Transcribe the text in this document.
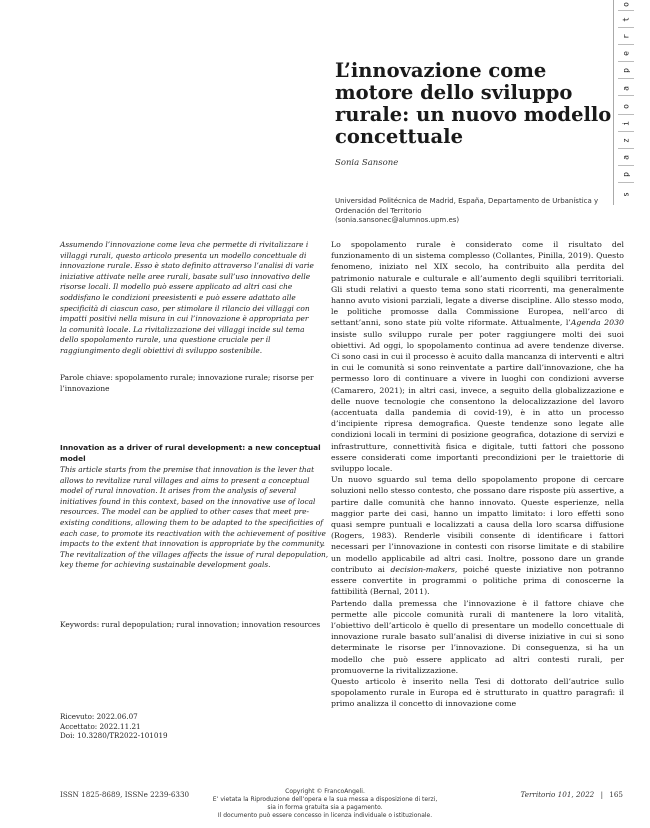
s
p
a
z
i
o
a
p
e
r
t
o
L’innovazione come motore dello sviluppo rurale: un nuovo modello concettuale
Sonia Sansone
Universidad Politécnica de Madrid, España, Departamento de Urbanística y Ordenación del Territorio
(sonia.sansonec@alumnos.upm.es)
Assumendo l’innovazione come leva che permette di rivitalizzare i villaggi rurali, questo articolo presenta un modello concettuale di innovazione rurale. Esso è stato definito attraverso l’analisi di varie iniziative attivate nelle aree rurali, basate sull’uso innovativo delle risorse locali. Il modello può essere applicato ad altri casi che soddisfano le condizioni preesistenti e può essere adattato alle specificità di ciascun caso, per stimolare il rilancio dei villaggi con impatti positivi nella misura in cui l’innovazione è appropriata per la comunità locale. La rivitalizzazione dei villaggi incide sul tema dello spopolamento rurale, una questione cruciale per il raggiungimento degli obiettivi di sviluppo sostenibile.
Parole chiave: spopolamento rurale; innovazione rurale; risorse per l’innovazione
Innovation as a driver of rural development: a new conceptual model
This article starts from the premise that innovation is the lever that allows to revitalize rural villages and aims to present a conceptual model of rural innovation. It arises from the analysis of several initiatives found in this context, based on the innovative use of local resources. The model can be applied to other cases that meet pre-existing conditions, allowing them to be adapted to the specificities of each case, to promote its reactivation with the achievement of positive impacts to the extent that innovation is appropriate by the community. The revitalization of the villages affects the issue of rural depopulation, key theme for achieving sustainable development goals.
Keywords: rural depopulation; rural innovation; innovation resources
Ricevuto: 2022.06.07
Accettato: 2022.11.21
Doi: 10.3280/TR2022-101019

Lo spopolamento rurale è considerato come il risultato del funzionamento di un sistema complesso (Collantes, Pinilla, 2019). Questo fenomeno, iniziato nel XIX secolo, ha contribuito alla perdita del patrimonio naturale e culturale e all’aumento degli squilibri territoriali. Gli studi relativi a questo tema sono stati ricorrenti, ma generalmente hanno avuto visioni parziali, legate a diverse discipline. Allo stesso modo, le politiche promosse dalla Commissione Europea, nell’arco di settant’anni, sono state più volte riformate. Attualmente, l’Agenda 2030 insiste sullo sviluppo rurale per poter raggiungere molti dei suoi obiettivi. Ad oggi, lo spopolamento continua ad avere tendenze diverse. Ci sono casi in cui il processo è acuito dalla mancanza di interventi e altri in cui le comunità si sono reinventate a partire dall’innovazione, che ha permesso loro di continuare a vivere in luoghi con condizioni avverse (Camarero, 2021); in altri casi, invece, a seguito della globalizzazione e delle nuove tecnologie che consentono la delocalizzazione del lavoro (accentuata dalla pandemia di covid-19), è in atto un processo d’incipiente ripresa demografica. Queste tendenze sono legate alle condizioni locali in termini di posizione geografica, dotazione di servizi e infrastrutture, connettività fisica e digitale, tutti fattori che possono essere considerati come importanti precondizioni per le traiettorie di sviluppo locale.

Un nuovo sguardo sul tema dello spopolamento propone di cercare soluzioni nello stesso contesto, che possano dare risposte più assertive, a partire dalle comunità che hanno innovato. Queste esperienze, nella maggior parte dei casi, hanno un impatto limitato: i loro effetti sono quasi sempre puntuali e localizzati a causa della loro scarsa diffusione (Rogers, 1983). Renderle visibili consente di identificare i fattori necessari per l’innovazione in contesti con risorse limitate e di stabilire un modello applicabile ad altri casi. Inoltre, possono dare un grande contributo ai decision-makers, poiché queste iniziative non potranno essere convertite in programmi o politiche prima di conoscerne la fattibilità (Bernal, 2011).

Partendo dalla premessa che l’innovazione è il fattore chiave che permette alle piccole comunità rurali di mantenere la loro vitalità, l’obiettivo dell’articolo è quello di presentare un modello concettuale di innovazione rurale basato sull’analisi di diverse iniziative in cui si sono determinate le risorse per l’innovazione. Di conseguenza, si ha un modello che può essere applicato ad altri contesti rurali, per promuoverne la rivitalizzazione.

Questo articolo è inserito nella Tesi di dottorato dell’autrice sullo spopolamento rurale in Europa ed è strutturato in quattro paragrafi: il primo analizza il concetto di innovazione come

ISSN 1825-8689, ISSNe 2239-6330	Copyright © FrancoAngeli.
E’ vietata la Riproduzione dell’opera e la sua messa a disposizione di terzi,
sia in forma gratuita sia a pagamento.
Il documento può essere concesso in licenza individuale o istituzionale.
Territorio 101, 2022 | 165
